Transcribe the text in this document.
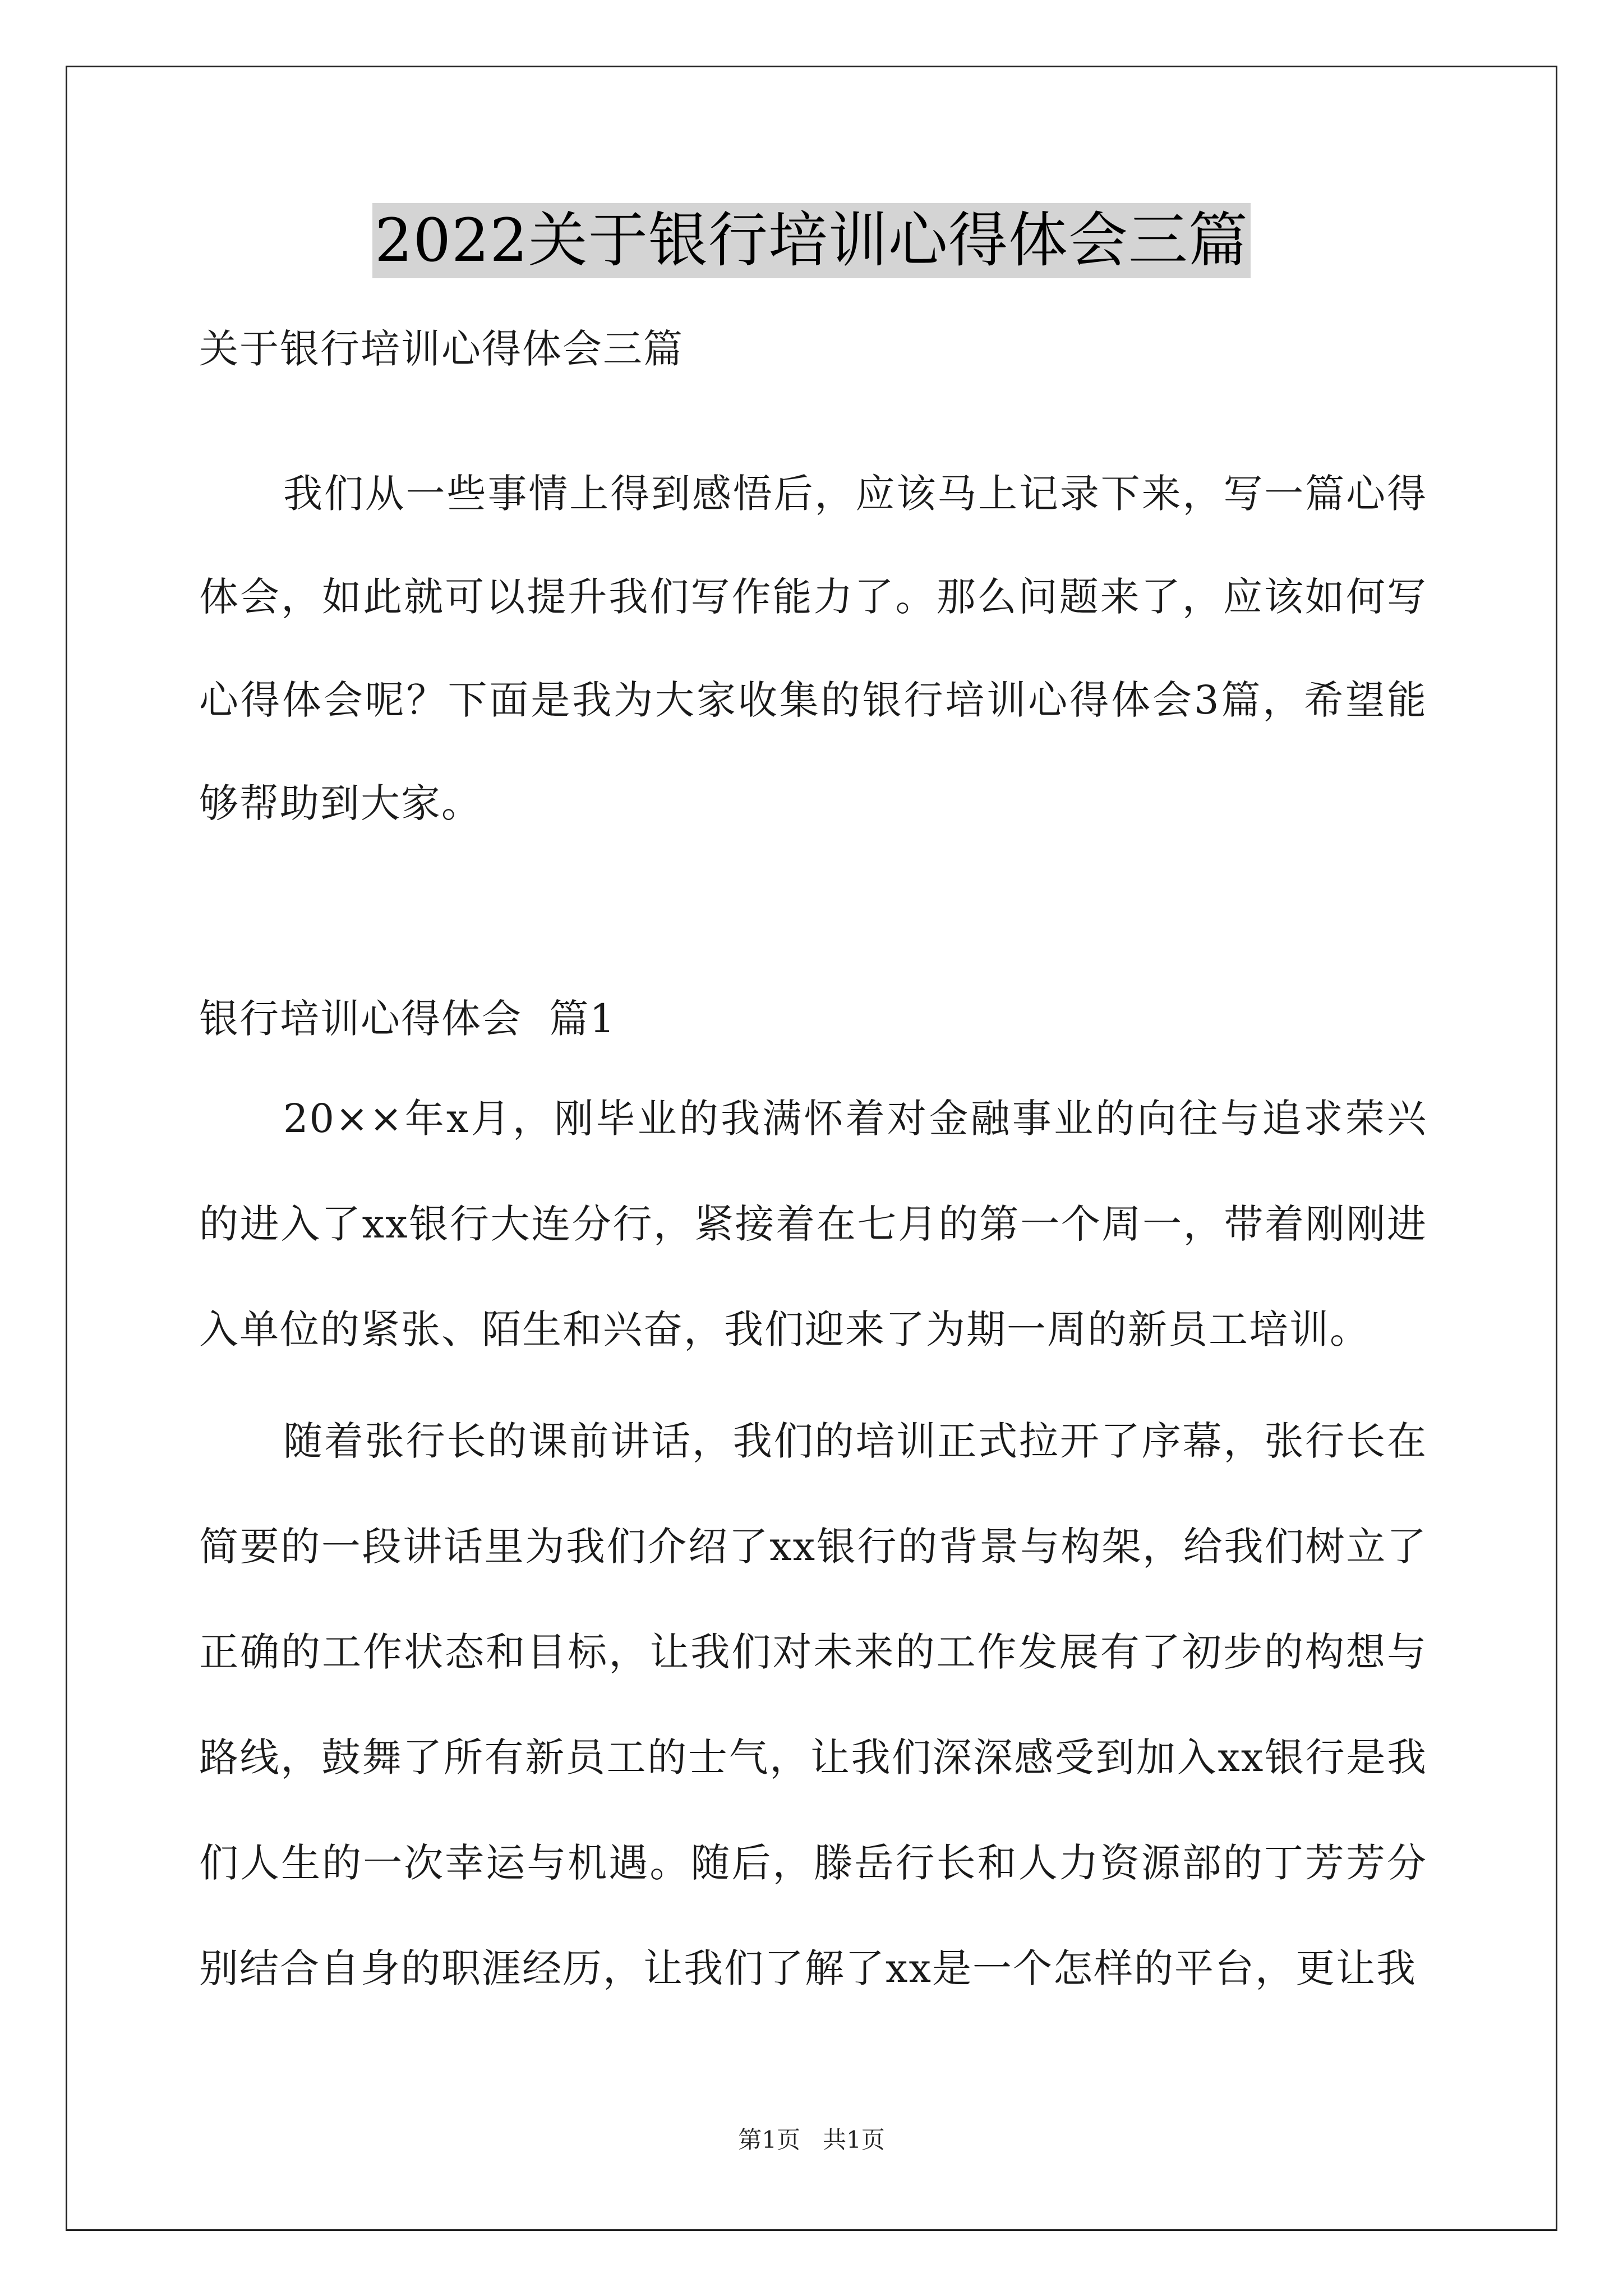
2022关于银行培训心得体会三篇
关于银行培训心得体会三篇
我们从一些事情上得到感悟后，应该马上记录下来，写一篇心得体会，如此就可以提升我们写作能力了。那么问题来了，应该如何写心得体会呢？下面是我为大家收集的银行培训心得体会3篇，希望能够帮助到大家。
银行培训心得体会  篇1
20××年x月，刚毕业的我满怀着对金融事业的向往与追求荣兴的进入了xx银行大连分行，紧接着在七月的第一个周一，带着刚刚进入单位的紧张、陌生和兴奋，我们迎来了为期一周的新员工培训。
随着张行长的课前讲话，我们的培训正式拉开了序幕，张行长在简要的一段讲话里为我们介绍了xx银行的背景与构架，给我们树立了正确的工作状态和目标，让我们对未来的工作发展有了初步的构想与路线，鼓舞了所有新员工的士气，让我们深深感受到加入xx银行是我们人生的一次幸运与机遇。随后，滕岳行长和人力资源部的丁芳芳分别结合自身的职涯经历，让我们了解了xx是一个怎样的平台，更让我
第1页   共1页
